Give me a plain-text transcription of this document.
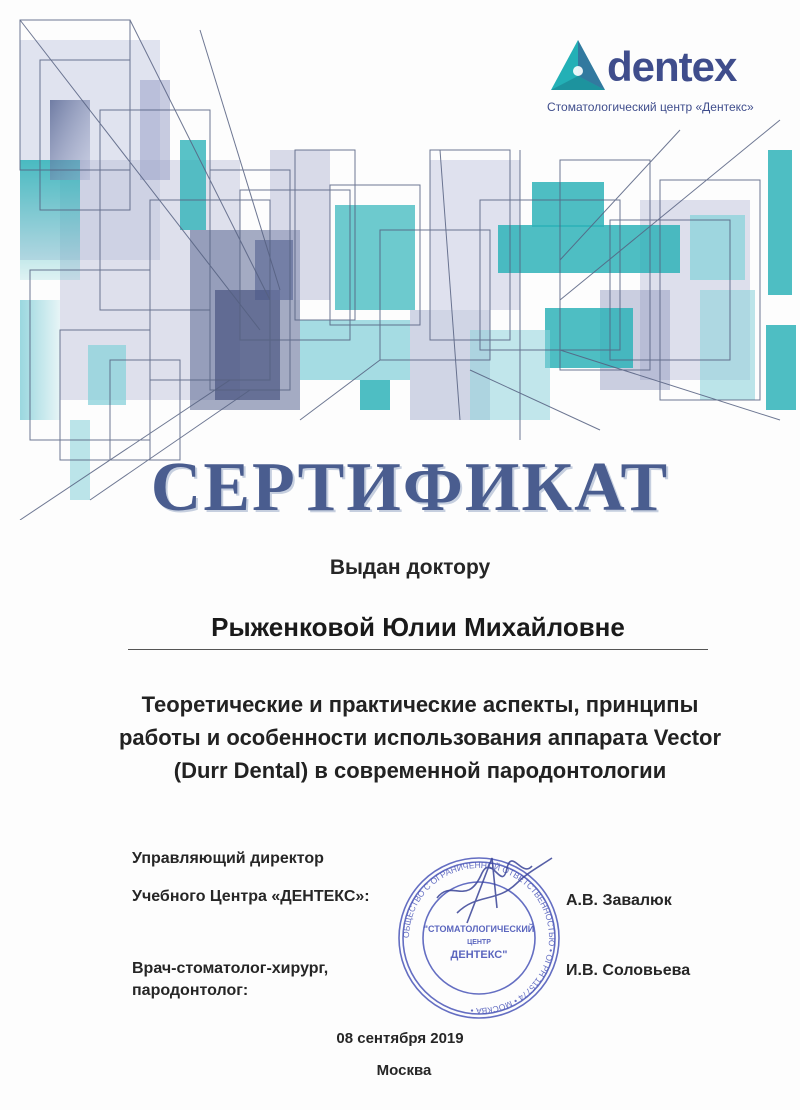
dentex
Стоматологический центр «Дентекс»
СЕРТИФИКАТ
Выдан доктору
Рыженковой Юлии Михайловне
Теоретические и практические аспекты, принципы
работы и особенности использования аппарата Vector
(Durr Dental) в современной пародонтологии
Управляющий директор
Учебного Центра «ДЕНТЕКС»:	А.В. Завалюк
Врач-стоматолог-хирург,
пародонтолог:
И.В. Соловьева
ОБЩЕСТВО С ОГРАНИЧЕННОЙ ОТВЕТСТВЕННОСТЬЮ • ОГРН 115774 • МОСКВА •
"СТОМАТОЛОГИЧЕСКИЙ
ЦЕНТР
ДЕНТЕКС"
08 сентября 2019
Москва
